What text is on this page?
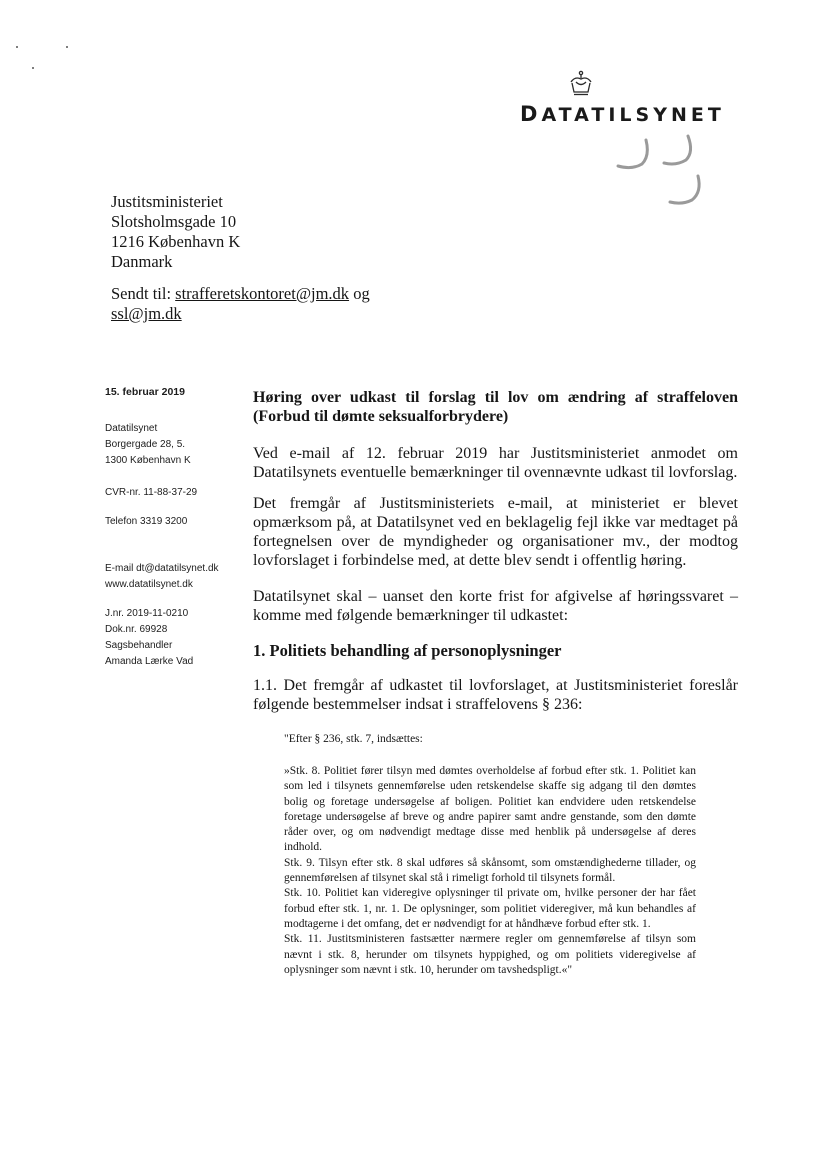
DATATILSYNET
Justitsministeriet
Slotsholmsgade 10
1216 København K
Danmark
Sendt til: strafferetskontoret@jm.dk og
ssl@jm.dk
15. februar 2019
Datatilsynet
Borgergade 28, 5.
1300 København K
CVR-nr. 11-88-37-29
Telefon 3319 3200
E-mail dt@datatilsynet.dk
www.datatilsynet.dk
J.nr. 2019-11-0210
Dok.nr. 69928
Sagsbehandler
Amanda Lærke Vad
Høring over udkast til forslag til lov om ændring af straffeloven (Forbud til dømte seksualforbrydere)
Ved e-mail af 12. februar 2019 har Justitsministeriet anmodet om Datatilsynets eventuelle bemærkninger til ovennævnte udkast til lovforslag.
Det fremgår af Justitsministeriets e-mail, at ministeriet er blevet opmærksom på, at Datatilsynet ved en beklagelig fejl ikke var medtaget på fortegnelsen over de myndigheder og organisationer mv., der modtog lovforslaget i forbindelse med, at dette blev sendt i offentlig høring.
Datatilsynet skal – uanset den korte frist for afgivelse af høringssvaret – komme med følgende bemærkninger til udkastet:
1. Politiets behandling af personoplysninger
1.1. Det fremgår af udkastet til lovforslaget, at Justitsministeriet foreslår følgende bestemmelser indsat i straffelovens § 236:
"Efter § 236, stk. 7, indsættes:

»Stk. 8. Politiet fører tilsyn med dømtes overholdelse af forbud efter stk. 1. Politiet kan som led i tilsynets gennemførelse uden retskendelse skaffe sig adgang til den dømtes bolig og foretage undersøgelse af boligen. Politiet kan endvidere uden retskendelse foretage undersøgelse af breve og andre papirer samt andre genstande, som den dømte råder over, og om nødvendigt medtage disse med henblik på undersøgelse af deres indhold.

Stk. 9. Tilsyn efter stk. 8 skal udføres så skånsomt, som omstændighederne tillader, og gennemførelsen af tilsynet skal stå i rimeligt forhold til tilsynets formål.

Stk. 10. Politiet kan videregive oplysninger til private om, hvilke personer der har fået forbud efter stk. 1, nr. 1. De oplysninger, som politiet videregiver, må kun behandles af modtagerne i det omfang, det er nødvendigt for at håndhæve forbud efter stk. 1.

Stk. 11. Justitsministeren fastsætter nærmere regler om gennemførelse af tilsyn som nævnt i stk. 8, herunder om tilsynets hyppighed, og om politiets videregivelse af oplysninger som nævnt i stk. 10, herunder om tavshedspligt.«"
